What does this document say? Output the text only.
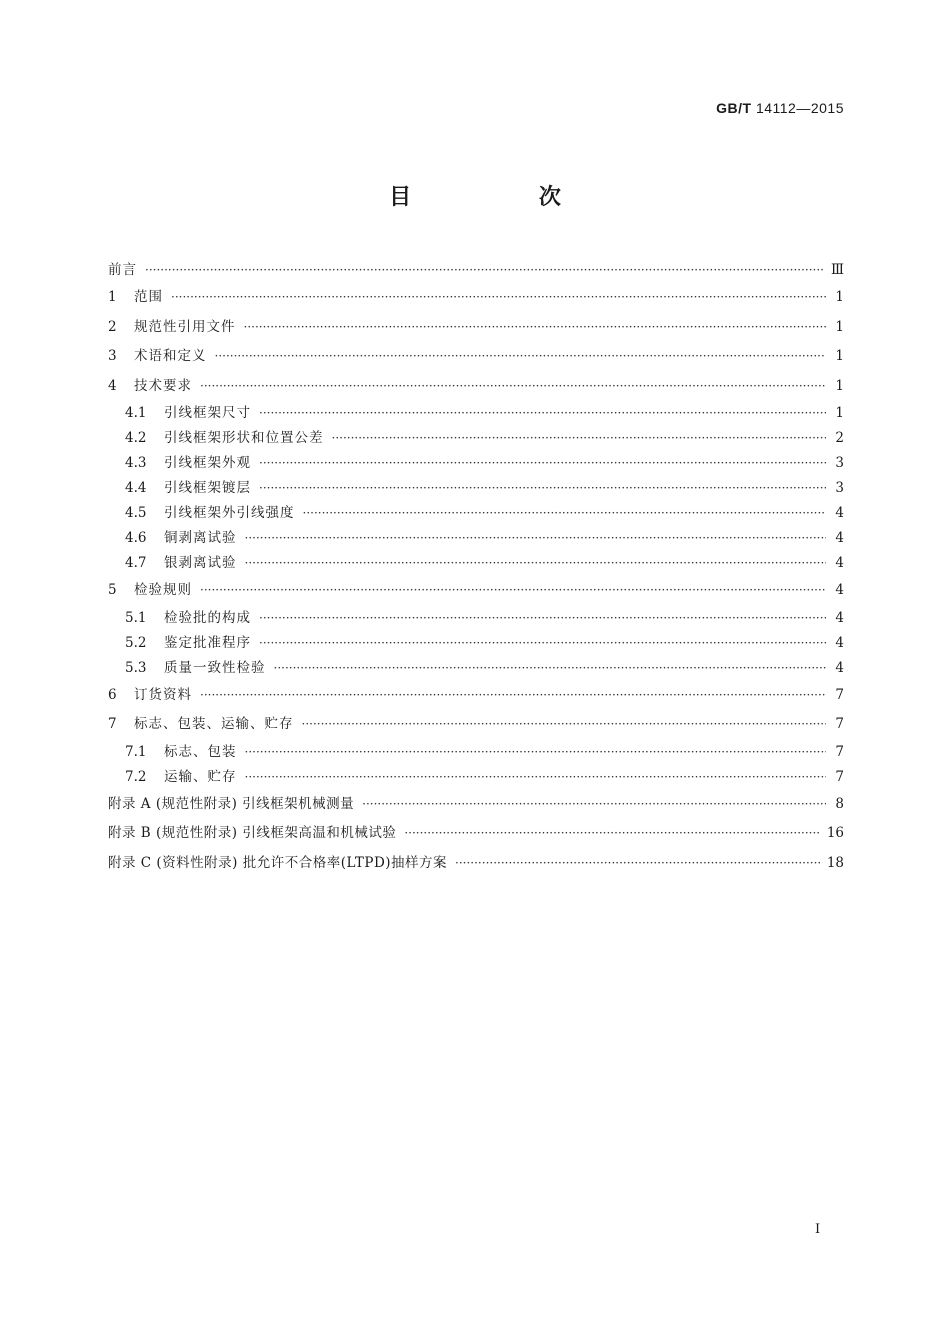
GB/T 14112—2015
目 次
前言 ·····	Ⅲ
1	范围 ·····	1
2	规范性引用文件 ·····	1
3	术语和定义 ·····	1
4	技术要求 ·····	1
4.1	引线框架尺寸 ·····	1
4.2	引线框架形状和位置公差 ·····	2
4.3	引线框架外观 ·····	3
4.4	引线框架镀层 ·····	3
4.5	引线框架外引线强度 ·····	4
4.6	铜剥离试验 ·····	4
4.7	银剥离试验 ·····	4
5	检验规则 ·····	4
5.1	检验批的构成 ·····	4
5.2	鉴定批准程序 ·····	4
5.3	质量一致性检验 ·····	4
6	订货资料 ·····	7
7	标志、包装、运输、贮存 ·····	7
7.1	标志、包装 ·····	7
7.2	运输、贮存 ·····	7
附录 A (规范性附录) 引线框架机械测量 ·····	8
附录 B (规范性附录) 引线框架高温和机械试验 ·····	16
附录 C (资料性附录) 批允许不合格率(LTPD)抽样方案 ·····	18
I
